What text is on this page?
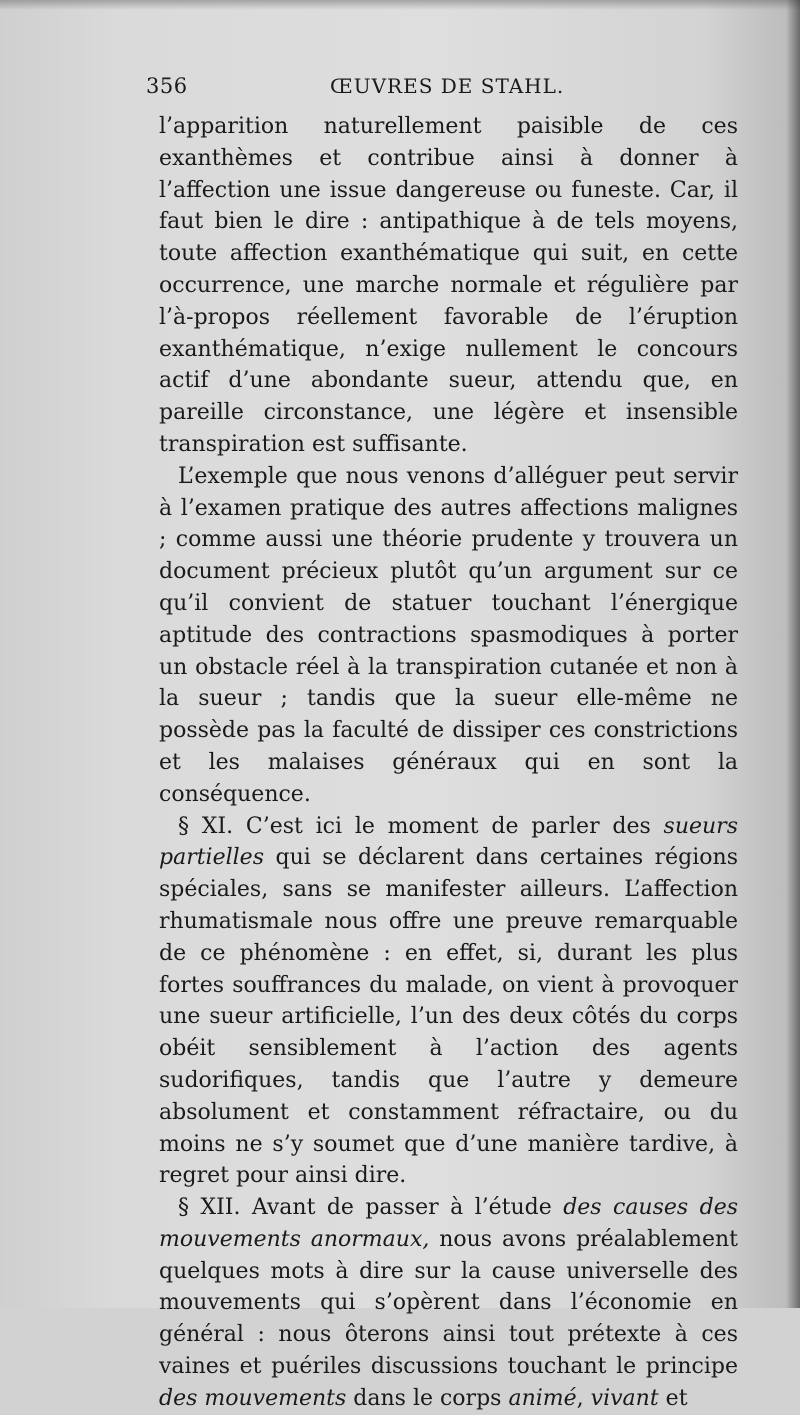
356	ŒUVRES DE STAHL.

l’apparition naturellement paisible de ces exanthèmes et contribue ainsi à donner à l’affection une issue dangereuse ou funeste. Car, il faut bien le dire : antipathique à de tels moyens, toute affection exanthématique qui suit, en cette occurrence, une marche normale et régulière par l’à-propos réellement favorable de l’éruption exanthématique, n’exige nullement le concours actif d’une abondante sueur, attendu que, en pareille circonstance, une légère et insensible transpiration est suffisante.

L’exemple que nous venons d’alléguer peut servir à l’examen pratique des autres affections malignes ; comme aussi une théorie prudente y trouvera un document précieux plutôt qu’un argument sur ce qu’il convient de statuer touchant l’énergique aptitude des contractions spasmodiques à porter un obstacle réel à la transpiration cutanée et non à la sueur ; tandis que la sueur elle-même ne possède pas la faculté de dissiper ces constrictions et les malaises généraux qui en sont la conséquence.

§ XI. C’est ici le moment de parler des sueurs partielles qui se déclarent dans certaines régions spéciales, sans se manifester ailleurs. L’affection rhumatismale nous offre une preuve remarquable de ce phénomène : en effet, si, durant les plus fortes souffrances du malade, on vient à provoquer une sueur artificielle, l’un des deux côtés du corps obéit sensiblement à l’action des agents sudorifiques, tandis que l’autre y demeure absolument et constamment réfractaire, ou du moins ne s’y soumet que d’une manière tardive, à regret pour ainsi dire.

§ XII. Avant de passer à l’étude des causes des mouvements anormaux, nous avons préalablement quelques mots à dire sur la cause universelle des mouvements qui s’opèrent dans l’économie en général : nous ôterons ainsi tout prétexte à ces vaines et puériles discussions touchant le principe des mouvements dans le corps animé, vivant et
